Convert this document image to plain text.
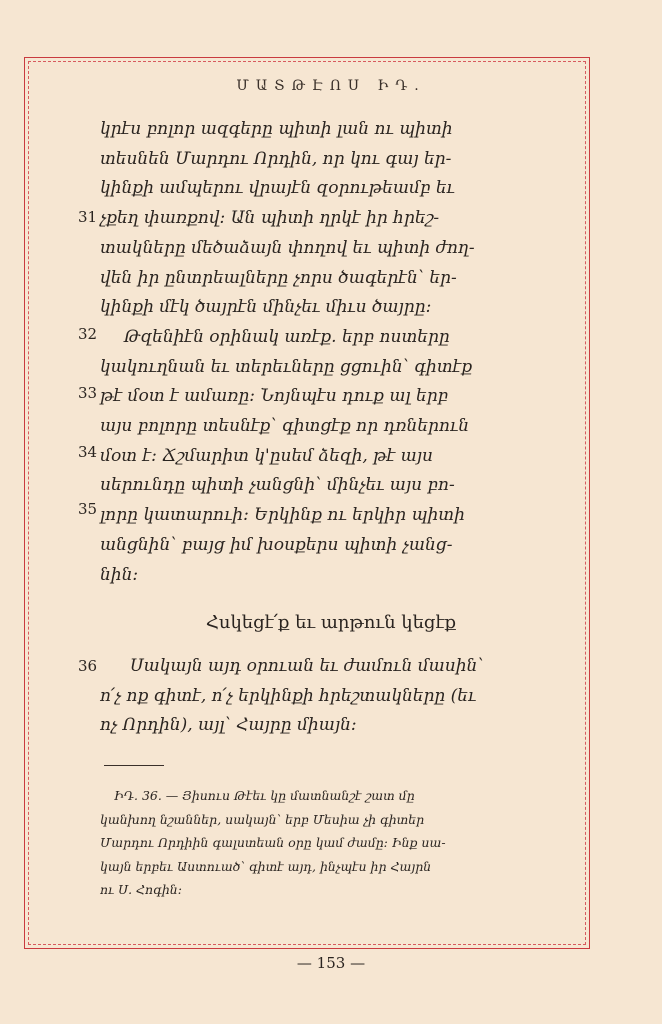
ՄԱՏԹԷՈՍ ԻԴ.

կրէս բոլոր ազգերը պիտի լան ու պիտի

տեսնեն Մարդու Որդին, որ կու գայ եր-

կինքի ամպերու վրայէն զօրութեամբ եւ

չքեղ փառքով։ Ան պիտի ղրկէ իր հրեշ-

տակները մեծաձայն փողով եւ պիտի ժող-

վեն իր ընտրեալները չորս ծագերէն՝ եր-

կինքի մէկ ծայրէն մինչեւ միւս ծայրը։

Թզենիէն օրինակ առէք. երբ ոստերը

կակուղնան եւ տերեւները ցցուին՝ գիտէք

թէ մօտ է ամառը։ Նոյնպէս դուք ալ երբ

այս բոլորը տեսնէք՝ գիտցէք որ դռներուն

մօտ է։ Ճշմարիտ կ'ըսեմ ձեզի, թէ այս

սերունդը պիտի չանցնի՝ մինչեւ այս բո-

լորը կատարուի։ Երկինք ու երկիր պիտի

անցնին՝ բայց իմ խօսքերս պիտի չանց-

նին։

31
32
33
34
35
Հսկեցէ՛ք եւ արթուն կեցէք
36	Սակայն այդ օրուան եւ ժամուն մասին՝

ո՛չ ոք գիտէ, ո՛չ երկինքի հրեշտակները (եւ

ոչ Որդին), այլ՝ Հայրը միայն։

ԻԴ. 36. — Յիսուս Թէեւ կը մատնանշէ շատ մը

կանխող նշաններ, սակայն՝ երբ Մեսիա չի գիտեր

Մարդու Որդիին գալստեան օրը կամ ժամը։ Ինք սա-

կայն երբեւ Աստուած՝ գիտէ այդ, ինչպէս իր Հայրն

ու Ս. Հոգին։

— 153 —
